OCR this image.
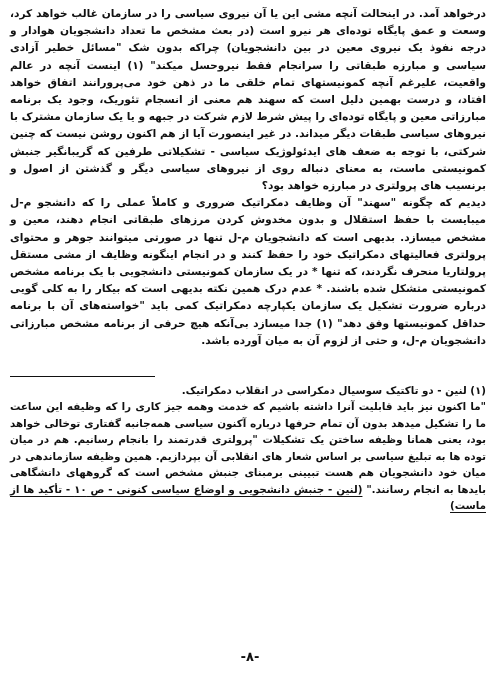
درخواهد آمد. در اینحالت آنچه مشی این یا آن نیروی سیاسی را در سازمان غالب خواهد کرد، وسعت و عمق پایگاه توده‌ای هر نیرو است (در بعث مشخص ما تعداد دانشجویان هوادار و درجه نفوذ یک نیروی معین در بین دانشجویان) چراکه بدون شک "مسائل خطیر آزادی سیاسی و مبارزه طبقاتی را سرانجام فقط نیروحسل میکند" (۱) اینست آنچه در عالم واقعیت، علیرغم آنچه کمونیستهای تمام خلقی ما در ذهن خود می‌پرورانند اتفاق خواهد افتاد، و درست بهمین دلیل است که سهند هم معنی از انسجام تئوریک، وجود یک برنامه مبارزاتی معین و پایگاه توده‌ای را پیش شرط لازم شرکت در جبهه و یا یک سازمان مشترک با نیروهای سیاسی طبقات دیگر میداند. در غیر اینصورت آیا از هم اکنون روشن نیست که چنین شرکتی، با توجه به ضعف های ایدئولوژیک سیاسی - تشکیلاتی طرفین که گریبانگیر جنبش کمونیستی ماست، به معنای دنباله روی از نیروهای سیاسی دیگر و گذشتن از اصول و برنسیب های پرولتری در مبارزه خواهد بود؟

دیدیم که چگونه "سهند" آن وظایف دمکراتیک ضروری و کاملاً عملی را که دانشجو م-ل میبایست با حفظ استقلال و بدون مخدوش کردن مرزهای طبقاتی انجام دهند، معین و مشخص میسازد. بدیهی است که دانشجویان م-ل تنها در صورتی میتوانند جوهر و محتوای پرولتری فعالیتهای دمکراتیک خود را حفظ کنند و در انجام اینگونه وظایف از مشی مستقل پرولتاریا منحرف نگردند، که تنها * در یک سازمان کمونیستی دانشجویی با یک برنامه مشخص کمونیستی متشکل شده باشند. * عدم درک همین نکته بدیهی است که بیکار را به کلی گویی درباره ضرورت تشکیل یک سازمان یکپارچه دمکراتیک کمی باید "خواسته‌های آن با برنامه حداقل کمونیستها وفق دهد" (۱) جدا میسازد بی‌آنکه هیچ حرفی از برنامه مشخص مبارزاتی دانشجویان م-ل، و حتی از لزوم آن به میان آورده باشد.

(۱) لنین - دو تاکتیک سوسیال دمکراسی در انقلاب دمکراتیک.

"ما اکنون نیز باید قابلیت آنرا داشته باشیم که خدمت وهمه جیز کاری را که وظیفه این ساعت ما را تشکیل میدهد بدون آن تمام حرفها درباره آکنون سیاسی همه‌جانبه گفتاری توخالی خواهد بود، یعنی همانا وظیفه ساختن یک تشکیلات "پرولتری قدرتمند را بانجام رسانیم. هم در میان توده ها به تبلیغ سیاسی بر اساس شعار های انقلابی آن بپردازیم. همین وظیفه سازماندهی در میان خود دانشجویان هم هست تبیینی برمبنای جنبش مشخص است که گروههای دانشگاهی بایدها به انجام رسانند." (لنین - جنبش دانشجویی و اوضاع سیاسی کنونی - ص ۱۰ - تأکید ها از ماست)

-۸-
